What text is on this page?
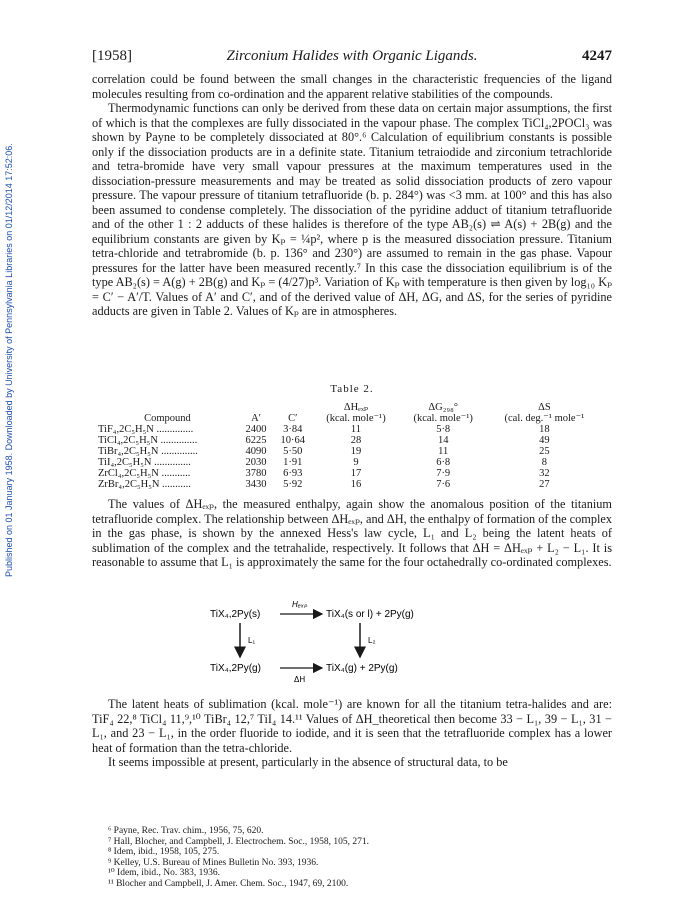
Published on 01 January 1958. Downloaded by University of Pennsylvania Libraries on 01/12/2014 17:52:06.
[1958]	Zirconium Halides with Organic Ligands.	4247

correlation could be found between the small changes in the characteristic frequencies of the ligand molecules resulting from co-ordination and the apparent relative stabilities of the compounds.

Thermodynamic functions can only be derived from these data on certain major assumptions, the first of which is that the complexes are fully dissociated in the vapour phase. The complex TiCl₄,2POCl₃ was shown by Payne to be completely dissociated at 80°.⁶ Calculation of equilibrium constants is possible only if the dissociation products are in a definite state. Titanium tetraiodide and zirconium tetrachloride and tetra-bromide have very small vapour pressures at the maximum temperatures used in the dissociation-pressure measurements and may be treated as solid dissociation products of zero vapour pressure. The vapour pressure of titanium tetrafluoride (b. p. 284°) was <3 mm. at 100° and this has also been assumed to condense completely. The dissociation of the pyridine adduct of titanium tetrafluoride and of the other 1 : 2 adducts of these halides is therefore of the type AB₂(s) ⇌ A(s) + 2B(g) and the equilibrium constants are given by Kₚ = ¼p², where p is the measured dissociation pressure. Titanium tetra-chloride and tetrabromide (b. p. 136° and 230°) are assumed to remain in the gas phase. Vapour pressures for the latter have been measured recently.⁷ In this case the dissociation equilibrium is of the type AB₂(s) = A(g) + 2B(g) and Kₚ = (4/27)p³. Variation of Kₚ with temperature is then given by log₁₀ Kₚ = C′ − A′/T. Values of A′ and C′, and of the derived value of ΔH, ΔG, and ΔS, for the series of pyridine adducts are given in Table 2. Values of Kₚ are in atmospheres.

Table 2.
			ΔHₑₓₚ	ΔG₂₉₈°	ΔS
Compound	A′	C′	(kcal. mole⁻¹)	(kcal. mole⁻¹)	(cal. deg.⁻¹ mole⁻¹
TiF₄,2C₅H₅N ..............	2400	3·84	11	5·8	18
TiCl₄,2C₅H₅N ..............	6225	10·64	28	14	49
TiBr₄,2C₅H₅N ..............	4090	5·50	19	11	25
TiI₄,2C₅H₅N ..............	2030	1·91	9	6·8	8
ZrCl₄,2C₅H₅N ...........	3780	6·93	17	7·9	32
ZrBr₄,2C₅H₅N ...........	3430	5·92	16	7·6	27

The values of ΔHₑₓₚ, the measured enthalpy, again show the anomalous position of the titanium tetrafluoride complex. The relationship between ΔHₑₓₚ, and ΔH, the enthalpy of formation of the complex in the gas phase, is shown by the annexed Hess's law cycle, L₁ and L₂ being the latent heats of sublimation of the complex and the tetrahalide, respectively. It follows that ΔH = ΔHₑₓₚ + L₂ − L₁. It is reasonable to assume that L₁ is approximately the same for the four octahedrally co-ordinated complexes.

TiX₄,2Py(s)
Hₑₓₚ
TiX₄(s or l) + 2Py(g)
L₁	L₂
TiX₄,2Py(g)
ΔH
TiX₄(g) + 2Py(g)

The latent heats of sublimation (kcal. mole⁻¹) are known for all the titanium tetra-halides and are: TiF₄ 22,⁸ TiCl₄ 11,⁹,¹⁰ TiBr₄ 12,⁷ TiI₄ 14.¹¹ Values of ΔH_theoretical then become 33 − L₁, 39 − L₁, 31 − L₁, and 23 − L₁, in the order fluoride to iodide, and it is seen that the tetrafluoride complex has a lower heat of formation than the tetra-chloride.

It seems impossible at present, particularly in the absence of structural data, to be

⁶ Payne, Rec. Trav. chim., 1956, 75, 620.
⁷ Hall, Blocher, and Campbell, J. Electrochem. Soc., 1958, 105, 271.
⁸ Idem, ibid., 1958, 105, 275.
⁹ Kelley, U.S. Bureau of Mines Bulletin No. 393, 1936.
¹⁰ Idem, ibid., No. 383, 1936.
¹¹ Blocher and Campbell, J. Amer. Chem. Soc., 1947, 69, 2100.
